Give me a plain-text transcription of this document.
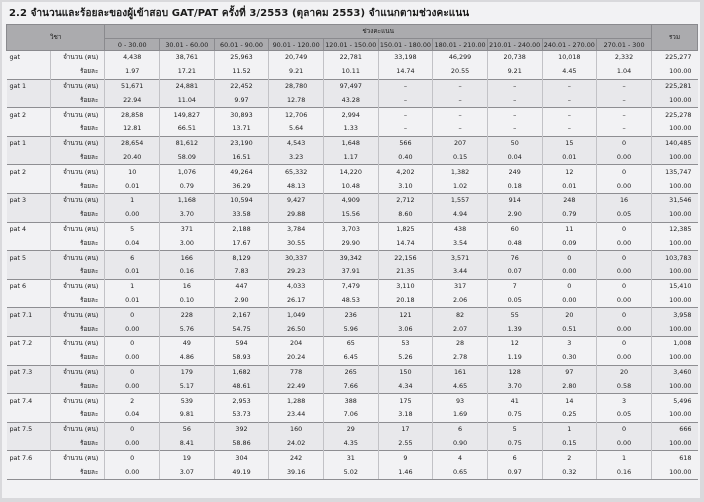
2.2 จำนวนและร้อยละของผู้เข้าสอบ GAT/PAT ครั้งที่ 3/2553 (ตุลาคม 2553) จำแนกตามช่วงคะแนน
วิชา		ช่วงคะแนน										รวม
		0 - 30.00	30.01 - 60.00	60.01 - 90.00	90.01 - 120.00	120.01 - 150.00	150.01 - 180.00	180.01 - 210.00	210.01 - 240.00	240.01 - 270.00	270.01 - 300	
gat	จำนวน (คน)	4,438	38,761	25,963	20,749	22,781	33,198	46,299	20,738	10,018	2,332	225,277
	ร้อยละ	1.97	17.21	11.52	9.21	10.11	14.74	20.55	9.21	4.45	1.04	100.00
gat 1	จำนวน (คน)	51,671	24,881	22,452	28,780	97,497	–	–	–	–	–	225,281
	ร้อยละ	22.94	11.04	9.97	12.78	43.28	–	–	–	–	–	100.00
gat 2	จำนวน (คน)	28,858	149,827	30,893	12,706	2,994	–	–	–	–	–	225,278
	ร้อยละ	12.81	66.51	13.71	5.64	1.33	–	–	–	–	–	100.00
pat 1	จำนวน (คน)	28,654	81,612	23,190	4,543	1,648	566	207	50	15	0	140,485
	ร้อยละ	20.40	58.09	16.51	3.23	1.17	0.40	0.15	0.04	0.01	0.00	100.00
pat 2	จำนวน (คน)	10	1,076	49,264	65,332	14,220	4,202	1,382	249	12	0	135,747
	ร้อยละ	0.01	0.79	36.29	48.13	10.48	3.10	1.02	0.18	0.01	0.00	100.00
pat 3	จำนวน (คน)	1	1,168	10,594	9,427	4,909	2,712	1,557	914	248	16	31,546
	ร้อยละ	0.00	3.70	33.58	29.88	15.56	8.60	4.94	2.90	0.79	0.05	100.00
pat 4	จำนวน (คน)	5	371	2,188	3,784	3,703	1,825	438	60	11	0	12,385
	ร้อยละ	0.04	3.00	17.67	30.55	29.90	14.74	3.54	0.48	0.09	0.00	100.00
pat 5	จำนวน (คน)	6	166	8,129	30,337	39,342	22,156	3,571	76	0	0	103,783
	ร้อยละ	0.01	0.16	7.83	29.23	37.91	21.35	3.44	0.07	0.00	0.00	100.00
pat 6	จำนวน (คน)	1	16	447	4,033	7,479	3,110	317	7	0	0	15,410
	ร้อยละ	0.01	0.10	2.90	26.17	48.53	20.18	2.06	0.05	0.00	0.00	100.00
pat 7.1	จำนวน (คน)	0	228	2,167	1,049	236	121	82	55	20	0	3,958
	ร้อยละ	0.00	5.76	54.75	26.50	5.96	3.06	2.07	1.39	0.51	0.00	100.00
pat 7.2	จำนวน (คน)	0	49	594	204	65	53	28	12	3	0	1,008
	ร้อยละ	0.00	4.86	58.93	20.24	6.45	5.26	2.78	1.19	0.30	0.00	100.00
pat 7.3	จำนวน (คน)	0	179	1,682	778	265	150	161	128	97	20	3,460
	ร้อยละ	0.00	5.17	48.61	22.49	7.66	4.34	4.65	3.70	2.80	0.58	100.00
pat 7.4	จำนวน (คน)	2	539	2,953	1,288	388	175	93	41	14	3	5,496
	ร้อยละ	0.04	9.81	53.73	23.44	7.06	3.18	1.69	0.75	0.25	0.05	100.00
pat 7.5	จำนวน (คน)	0	56	392	160	29	17	6	5	1	0	666
	ร้อยละ	0.00	8.41	58.86	24.02	4.35	2.55	0.90	0.75	0.15	0.00	100.00
pat 7.6	จำนวน (คน)	0	19	304	242	31	9	4	6	2	1	618
	ร้อยละ	0.00	3.07	49.19	39.16	5.02	1.46	0.65	0.97	0.32	0.16	100.00
